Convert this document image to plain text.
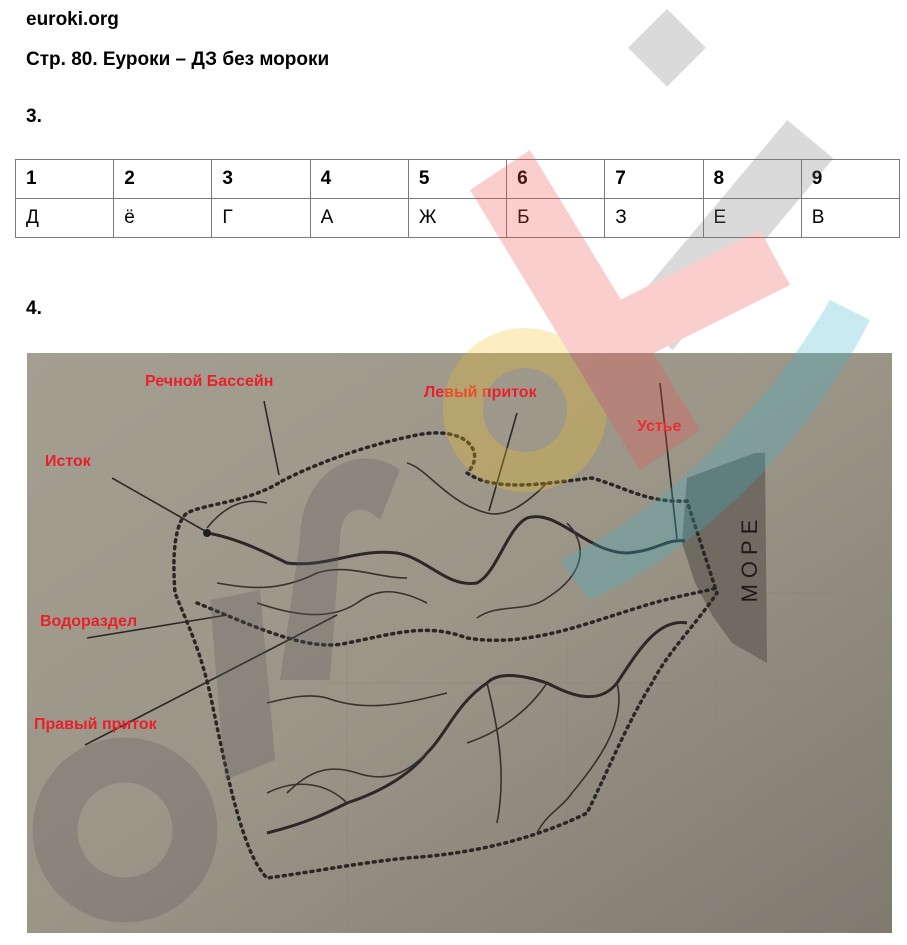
euroki.org
Стр. 80. Еуроки – ДЗ без мороки
3.
1	2	3	4	5	6	7	8	9
Д	ё	Г	А	Ж	Б	З	Е	В
4.
МОРЕ
Речной Бассейн
Левый приток
Устье
Исток
Водораздел
Правый приток
